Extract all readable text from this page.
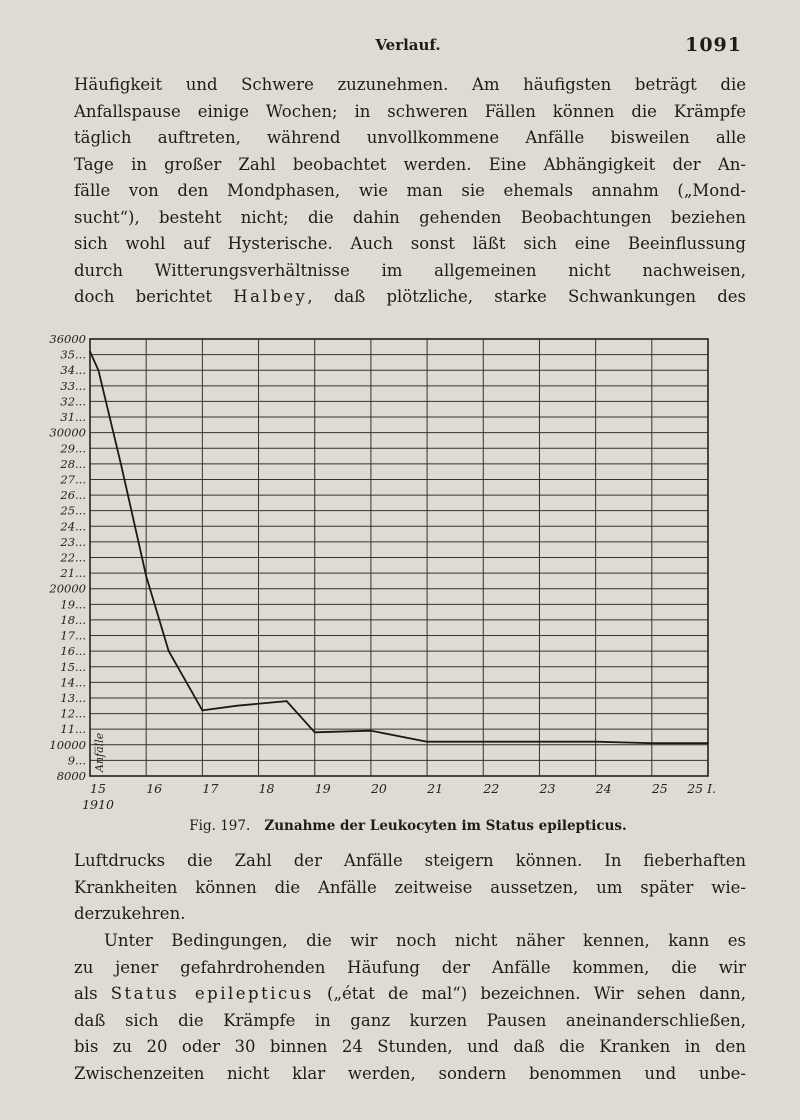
Verlauf.	1091

Häufigkeit und Schwere zuzunehmen. Am häufigsten beträgt die
Anfallspause einige Wochen; in schweren Fällen können die Krämpfe
täglich auftreten, während unvollkommene Anfälle bisweilen alle
Tage in großer Zahl beobachtet werden. Eine Abhängigkeit der An-
fälle von den Mondphasen, wie man sie ehemals annahm („Mond-
sucht“), besteht nicht; die dahin gehenden Beobachtungen beziehen
sich wohl auf Hysterische. Auch sonst läßt sich eine Beeinflussung
durch Witterungsverhältnisse im allgemeinen nicht nachweisen,
doch berichtet Halbey, daß plötzliche, starke Schwankungen des

36000
35...
34...
33...
32...
31...
30000
29...
28...
27...
26...
25...
24...
23...
22...
21...
20000
19...
18...
17...
16...
15...
14...
13...
12...
11...
10000
9...
8000
15	16	17	18	19	20	21	22	23	24	25 25 I.
1910
Anfälle
Fig. 197. Zunahme der Leukocyten im Status epilepticus.

Luftdrucks die Zahl der Anfälle steigern können. In fieberhaften
Krankheiten können die Anfälle zeitweise aussetzen, um später wie-
derzukehren.

Unter Bedingungen, die wir noch nicht näher kennen, kann es
zu jener gefahrdrohenden Häufung der Anfälle kommen, die wir
als Status epilepticus („état de mal“) bezeichnen. Wir sehen dann,
daß sich die Krämpfe in ganz kurzen Pausen aneinanderschließen,
bis zu 20 oder 30 binnen 24 Stunden, und daß die Kranken in den
Zwischenzeiten nicht klar werden, sondern benommen und unbe-
